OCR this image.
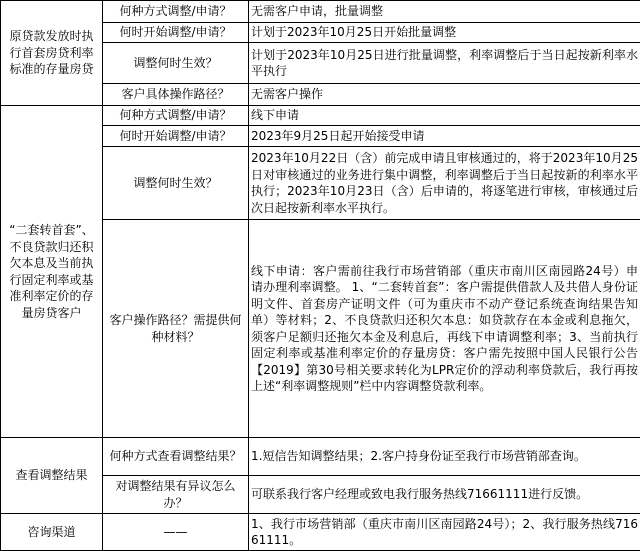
原贷款发放时执行首套房贷利率标准的存量房贷	何种方式调整/申请？	无需客户申请，批量调整
	何时开始调整/申请？	计划于2023年10月25日开始批量调整
	调整何时生效？	计划于2023年10月25日进行批量调整，利率调整后于当日起按新利率水平执行
	客户具体操作路径？	无需客户操作
“二套转首套”、不良贷款归还积欠本息及当前执行固定利率或基准利率定价的存量房贷客户	何种方式调整/申请？	线下申请
	何时开始调整/申请？	2023年9月25日起开始接受申请
	调整何时生效？	2023年10月22日（含）前完成申请且审核通过的，将于2023年10月25日对审核通过的业务进行集中调整，利率调整后于当日起按新的利率水平执行；2023年10月23日（含）后申请的，将逐笔进行审核，审核通过后次日起按新利率水平执行。
	客户操作路径？需提供何种材料？	线下申请：客户需前往我行市场营销部（重庆市南川区南园路24号）申请办理利率调整。 1、“二套转首套”：客户需提供借款人及共借人身份证明文件、首套房产证明文件（可为重庆市不动产登记系统查询结果告知单）等材料；2、不良贷款归还积欠本息：如贷款存在本金或利息拖欠，须客户足额归还拖欠本金及利息后，再线下申请调整利率；3、当前执行固定利率或基准利率定价的存量房贷：客户需先按照中国人民银行公告【2019】第30号相关要求转化为LPR定价的浮动利率贷款后，我行再按上述“利率调整规则”栏中内容调整贷款利率。
查看调整结果	何种方式查看调整结果？	1.短信告知调整结果；2.客户持身份证至我行市场营销部查询。
	对调整结果有异议怎么办？	可联系我行客户经理或致电我行服务热线71661111进行反馈。
咨询渠道	——	1、我行市场营销部（重庆市南川区南园路24号）；2、我行服务热线71661111。
